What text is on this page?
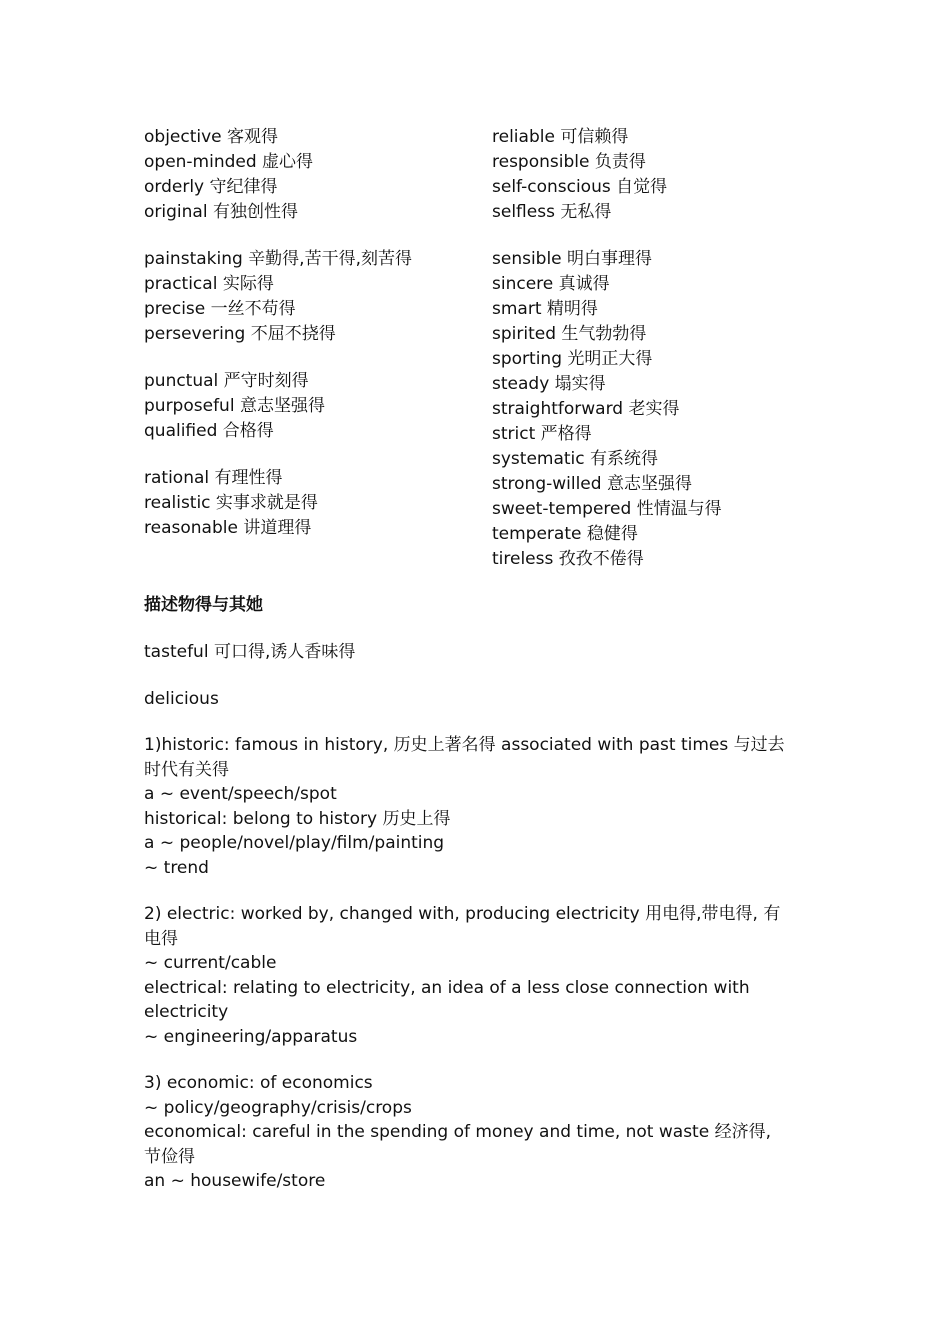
objective 客观得
open-minded 虚心得
orderly 守纪律得
original 有独创性得
painstaking 辛勤得,苦干得,刻苦得
practical 实际得
precise 一丝不苟得
persevering 不屈不挠得
punctual 严守时刻得
purposeful 意志坚强得
qualified 合格得
rational 有理性得
realistic 实事求就是得
reasonable 讲道理得
reliable 可信赖得
responsible 负责得
self-conscious 自觉得
selfless 无私得
sensible 明白事理得
sincere 真诚得
smart 精明得
spirited 生气勃勃得
sporting 光明正大得
steady 塌实得
straightforward 老实得
strict 严格得
systematic 有系统得
strong-willed 意志坚强得
sweet-tempered 性情温与得
temperate 稳健得
tireless 孜孜不倦得
描述物得与其她
tasteful 可口得,诱人香味得
delicious
1)historic: famous in history, 历史上著名得 associated with past times 与过去
时代有关得
a ~ event/speech/spot
historical: belong to history 历史上得
a ~ people/novel/play/film/painting
~ trend
2) electric: worked by, changed with, producing electricity 用电得,带电得, 有
电得
~ current/cable
electrical: relating to electricity, an idea of a less close connection with
electricity
~ engineering/apparatus
3) economic: of economics
~ policy/geography/crisis/crops
economical: careful in the spending of money and time, not waste 经济得,
节俭得
an ~ housewife/store
